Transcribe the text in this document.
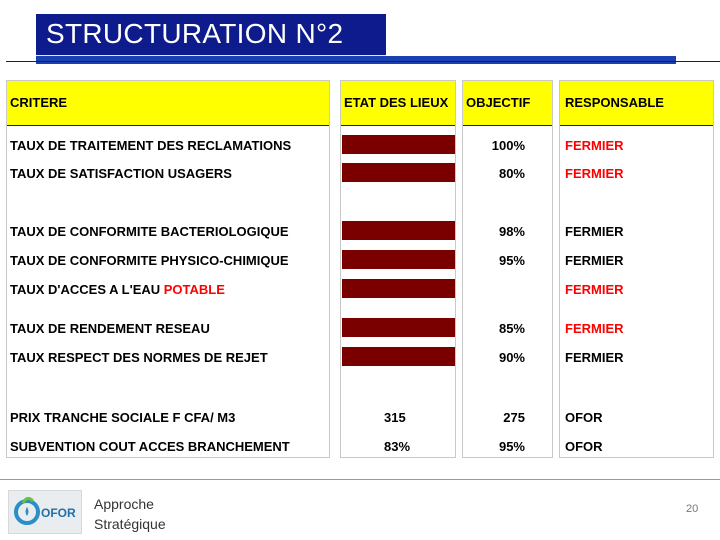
STRUCTURATION N°2
CRITERE
TAUX DE TRAITEMENT DES RECLAMATIONS
TAUX DE SATISFACTION USAGERS
TAUX DE CONFORMITE BACTERIOLOGIQUE
TAUX DE CONFORMITE PHYSICO-CHIMIQUE
TAUX D'ACCES A L'EAU POTABLE
TAUX DE RENDEMENT RESEAU
TAUX RESPECT DES NORMES DE REJET
PRIX TRANCHE SOCIALE F CFA/ M3
SUBVENTION COUT ACCES BRANCHEMENT
ETAT DES LIEUX
315
83%
OBJECTIF
100%
80%
98%
95%
85%
90%
275
95%
RESPONSABLE
FERMIER
FERMIER
FERMIER
FERMIER
FERMIER
FERMIER
FERMIER
OFOR
OFOR
OFOR
Approche
Stratégique
20
